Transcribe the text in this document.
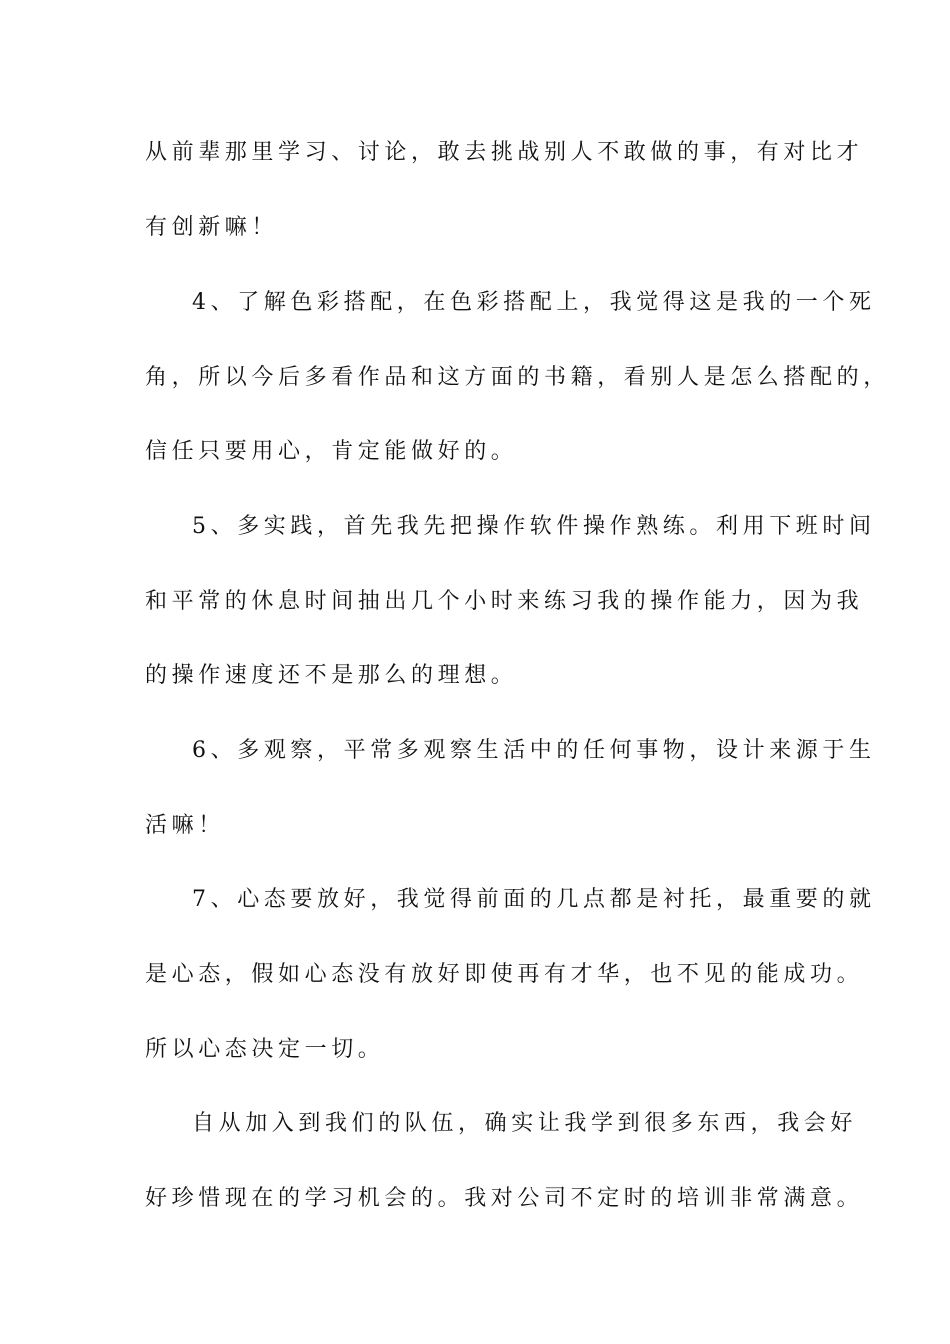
从前辈那里学习、讨论，敢去挑战别人不敢做的事，有对比才
有创新嘛！
4、了解色彩搭配，在色彩搭配上，我觉得这是我的一个死
角，所以今后多看作品和这方面的书籍，看别人是怎么搭配的，
信任只要用心，肯定能做好的。
5、多实践，首先我先把操作软件操作熟练。利用下班时间
和平常的休息时间抽出几个小时来练习我的操作能力，因为我
的操作速度还不是那么的理想。
6、多观察，平常多观察生活中的任何事物，设计来源于生
活嘛！
7、心态要放好，我觉得前面的几点都是衬托，最重要的就
是心态，假如心态没有放好即使再有才华，也不见的能成功。
所以心态决定一切。
自从加入到我们的队伍，确实让我学到很多东西，我会好
好珍惜现在的学习机会的。我对公司不定时的培训非常满意。
